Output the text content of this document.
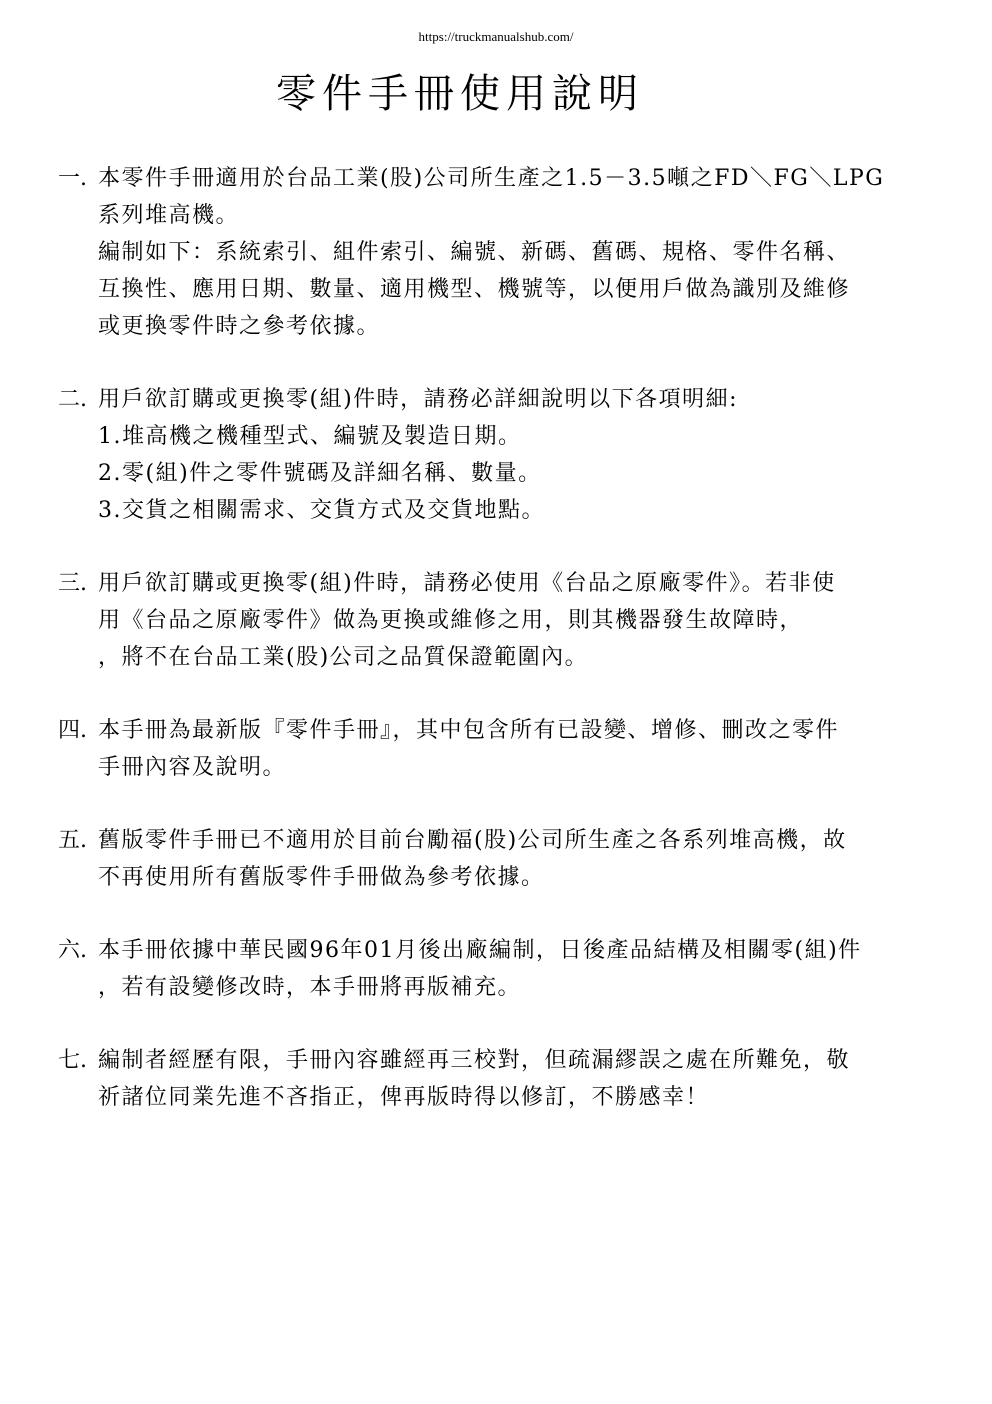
https://truckmanualshub.com/
零件手冊使用說明
一. 本零件手冊適用於台品工業(股)公司所生產之1.5－3.5噸之FD＼FG＼LPG
系列堆高機。
編制如下：系統索引、組件索引、編號、新碼、舊碼、規格、零件名稱、
互換性、應用日期、數量、適用機型、機號等，以便用戶做為識別及維修
或更換零件時之參考依據。
二. 用戶欲訂購或更換零(組)件時，請務必詳細說明以下各項明細:
1.堆高機之機種型式、編號及製造日期。
2.零(組)件之零件號碼及詳細名稱、數量。
3.交貨之相關需求、交貨方式及交貨地點。
三. 用戶欲訂購或更換零(組)件時，請務必使用《台品之原廠零件》。若非使
用《台品之原廠零件》做為更換或維修之用，則其機器發生故障時，
，將不在台品工業(股)公司之品質保證範圍內。
四. 本手冊為最新版『零件手冊』，其中包含所有已設變、增修、刪改之零件
手冊內容及說明。
五. 舊版零件手冊已不適用於目前台勵福(股)公司所生產之各系列堆高機，故
不再使用所有舊版零件手冊做為參考依據。
六. 本手冊依據中華民國96年01月後出廠編制，日後產品結構及相關零(組)件
，若有設變修改時，本手冊將再版補充。
七. 編制者經歷有限，手冊內容雖經再三校對，但疏漏繆誤之處在所難免，敬
祈諸位同業先進不吝指正，俾再版時得以修訂，不勝感幸！
